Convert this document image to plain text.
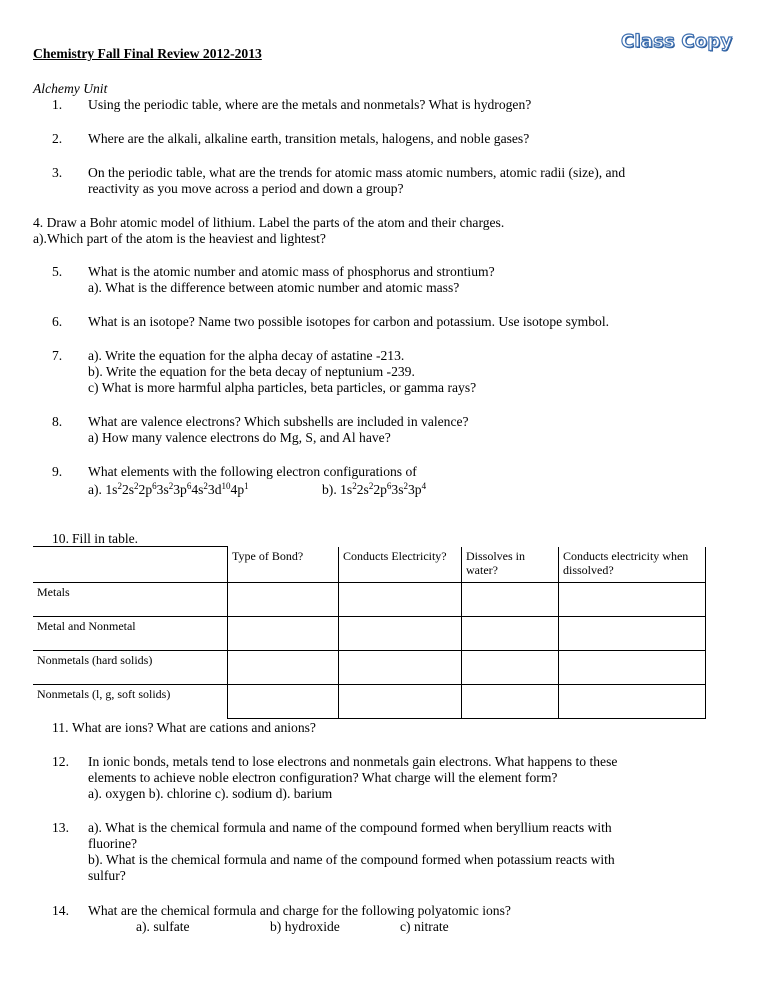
Chemistry Fall Final Review 2012-2013
Class Copy
Alchemy Unit
1. Using the periodic table, where are the metals and nonmetals? What is hydrogen?
2. Where are the alkali, alkaline earth, transition metals, halogens, and noble gases?
3. On the periodic table, what are the trends for atomic mass atomic numbers, atomic radii (size), and
reactivity as you move across a period and down a group?
4. Draw a Bohr atomic model of lithium. Label the parts of the atom and their charges.
a).Which part of the atom is the heaviest and lightest?
5. What is the atomic number and atomic mass of phosphorus and strontium?
a). What is the difference between atomic number and atomic mass?
6. What is an isotope? Name two possible isotopes for carbon and potassium. Use isotope symbol.
7. a). Write the equation for the alpha decay of astatine -213.
b). Write the equation for the beta decay of neptunium -239.
c) What is more harmful alpha particles, beta particles, or gamma rays?
8. What are valence electrons? Which subshells are included in valence?
a) How many valence electrons do Mg, S, and Al have?
9. What elements with the following electron configurations of
a). $1s^22s^22p^63s^23p^64s^23d^{10}4p^1$	b). $1s^22s^22p^63s^23p^4$
10. Fill in table.
	Type of Bond?	Conducts Electricity?	Dissolves in water?	Conducts electricity when dissolved?
Metals				
Metal and Nonmetal				
Nonmetals (hard solids)				
Nonmetals (l, g, soft solids)				
11. What are ions? What are cations and anions?
12. In ionic bonds, metals tend to lose electrons and nonmetals gain electrons. What happens to these
elements to achieve noble electron configuration? What charge will the element form?
a). oxygen b). chlorine c). sodium d). barium
13. a). What is the chemical formula and name of the compound formed when beryllium reacts with
fluorine?
b). What is the chemical formula and name of the compound formed when potassium reacts with
sulfur?
14. What are the chemical formula and charge for the following polyatomic ions?
a). sulfate	b) hydroxide	c) nitrate
